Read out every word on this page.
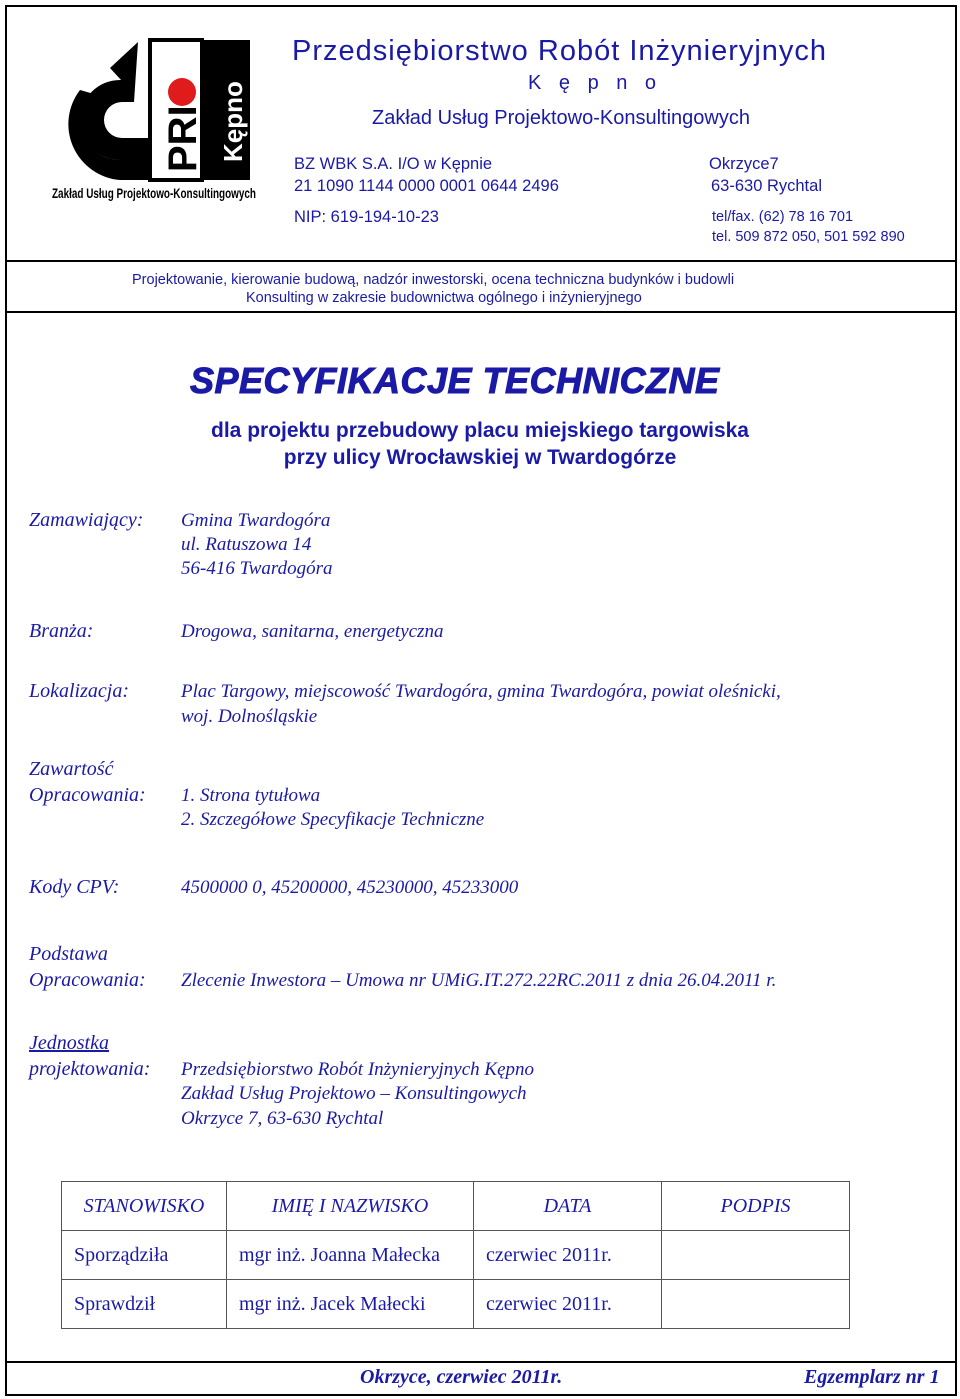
PRI Kępno
Zakład Usług Projektowo-Konsultingowych
Przedsiębiorstwo Robót Inżynieryjnych
K ę p n o
Zakład Usług Projektowo-Konsultingowych
BZ WBK S.A. I/O w Kępnie
21 1090 1144 0000 0001 0644 2496
NIP: 619-194-10-23
Okrzyce7
63-630 Rychtal
tel/fax. (62) 78 16 701
tel. 509 872 050, 501 592 890
Projektowanie, kierowanie budową, nadzór inwestorski, ocena techniczna budynków i budowli
Konsulting w zakresie budownictwa ogólnego i inżynieryjnego
SPECYFIKACJE TECHNICZNE
dla projektu przebudowy placu miejskiego targowiska
przy ulicy Wrocławskiej w Twardogórze
Zamawiający: Gmina Twardogóra
ul. Ratuszowa 14
56-416 Twardogóra
Branża:	Drogowa, sanitarna, energetyczna
Lokalizacja:	Plac Targowy, miejscowość Twardogóra, gmina Twardogóra, powiat oleśnicki,
woj. Dolnośląskie
Zawartość
Opracowania: 1. Strona tytułowa
2. Szczegółowe Specyfikacje Techniczne
Kody CPV:	4500000 0, 45200000, 45230000, 45233000
Podstawa
Opracowania: Zlecenie Inwestora – Umowa nr UMiG.IT.272.22RC.2011 z dnia 26.04.2011 r.
Jednostka
projektowania: Przedsiębiorstwo Robót Inżynieryjnych Kępno
Zakład Usług Projektowo – Konsultingowych
Okrzyce 7, 63-630 Rychtal
STANOWISKO	IMIĘ I NAZWISKO	DATA	PODPIS
Sporządziła	mgr inż. Joanna Małecka	czerwiec 2011r.	
Sprawdził	mgr inż. Jacek Małecki	czerwiec 2011r.	
Okrzyce, czerwiec 2011r.	Egzemplarz nr 1
